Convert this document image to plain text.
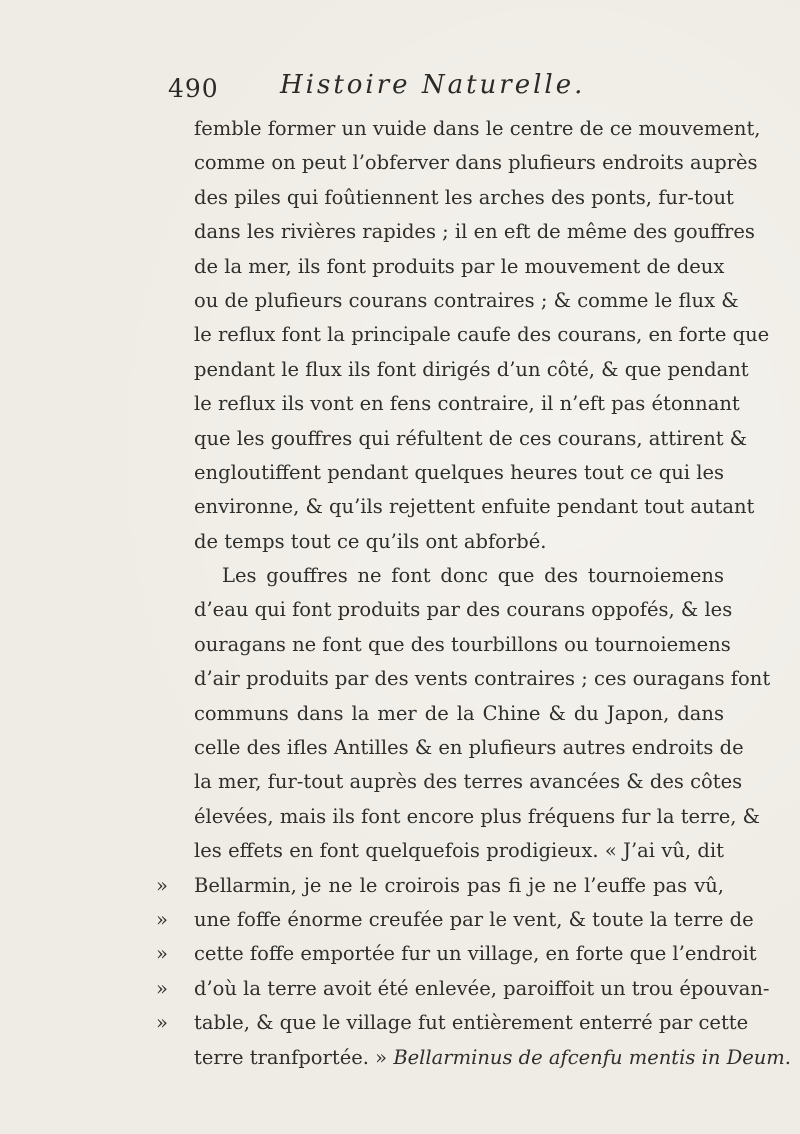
490 Histoire Naturelle.
femble former un vuide dans le centre de ce mouvement,
comme on peut l’obferver dans plufieurs endroits auprès
des piles qui foûtiennent les arches des ponts, fur-tout
dans les rivières rapides ; il en eft de même des gouffres
de la mer, ils font produits par le mouvement de deux
ou de plufieurs courans contraires ; & comme le flux &
le reflux font la principale caufe des courans, en forte que
pendant le flux ils font dirigés d’un côté, & que pendant
le reflux ils vont en fens contraire, il n’eft pas étonnant
que les gouffres qui réfultent de ces courans, attirent &
engloutiffent pendant quelques heures tout ce qui les
environne, & qu’ils rejettent enfuite pendant tout autant
de temps tout ce qu’ils ont abforbé.
Les gouffres ne font donc que des tournoiemens
d’eau qui font produits par des courans oppofés, & les
ouragans ne font que des tourbillons ou tournoiemens
d’air produits par des vents contraires ; ces ouragans font
communs dans la mer de la Chine & du Japon, dans
celle des ifles Antilles & en plufieurs autres endroits de
la mer, fur-tout auprès des terres avancées & des côtes
élevées, mais ils font encore plus fréquens fur la terre, &
les effets en font quelquefois prodigieux. « J’ai vû, dit
»	Bellarmin, je ne le croirois pas fi je ne l’euffe pas vû,
»	une foffe énorme creufée par le vent, & toute la terre de
»	cette foffe emportée fur un village, en forte que l’endroit
»	d’où la terre avoit été enlevée, paroiffoit un trou épouvan-
»	table, & que le village fut entièrement enterré par cette
terre tranfportée. » Bellarminus de afcenfu mentis in Deum.
